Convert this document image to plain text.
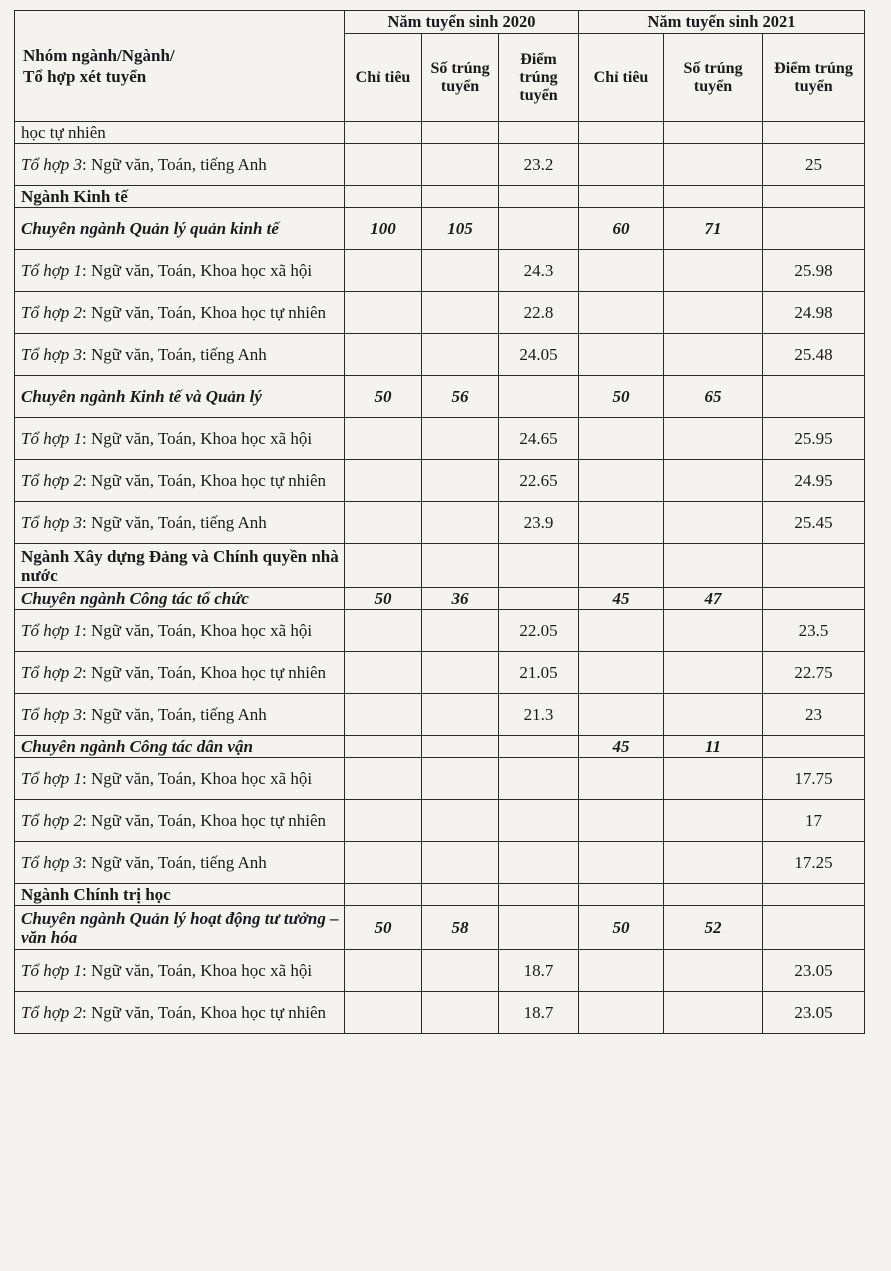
Nhóm ngành/Ngành/
Tổ hợp xét tuyển	Năm tuyển sinh 2020			Năm tuyển sinh 2021		
	Chỉ tiêu	Số trúng tuyển	Điểm trúng tuyển	Chỉ tiêu	Số trúng tuyển	Điểm trúng tuyển
học tự nhiên						
Tổ hợp 3: Ngữ văn, Toán, tiếng Anh			23.2			25
Ngành Kinh tế						
Chuyên ngành Quản lý quản kinh tế	100	105		60	71	
Tổ hợp 1: Ngữ văn, Toán, Khoa học xã hội			24.3			25.98
Tổ hợp 2: Ngữ văn, Toán, Khoa học tự nhiên			22.8			24.98
Tổ hợp 3: Ngữ văn, Toán, tiếng Anh			24.05			25.48
Chuyên ngành Kinh tế và Quản lý	50	56		50	65	
Tổ hợp 1: Ngữ văn, Toán, Khoa học xã hội			24.65			25.95
Tổ hợp 2: Ngữ văn, Toán, Khoa học tự nhiên			22.65			24.95
Tổ hợp 3: Ngữ văn, Toán, tiếng Anh			23.9			25.45
Ngành Xây dựng Đảng và Chính quyền nhà nước						
Chuyên ngành Công tác tổ chức	50	36		45	47	
Tổ hợp 1: Ngữ văn, Toán, Khoa học xã hội			22.05			23.5
Tổ hợp 2: Ngữ văn, Toán, Khoa học tự nhiên			21.05			22.75
Tổ hợp 3: Ngữ văn, Toán, tiếng Anh			21.3			23
Chuyên ngành Công tác dân vận				45	11	
Tổ hợp 1: Ngữ văn, Toán, Khoa học xã hội						17.75
Tổ hợp 2: Ngữ văn, Toán, Khoa học tự nhiên						17
Tổ hợp 3: Ngữ văn, Toán, tiếng Anh						17.25
Ngành Chính trị học						
Chuyên ngành Quản lý hoạt động tư tưởng – văn hóa	50	58		50	52	
Tổ hợp 1: Ngữ văn, Toán, Khoa học xã hội			18.7			23.05
Tổ hợp 2: Ngữ văn, Toán, Khoa học tự nhiên			18.7			23.05
